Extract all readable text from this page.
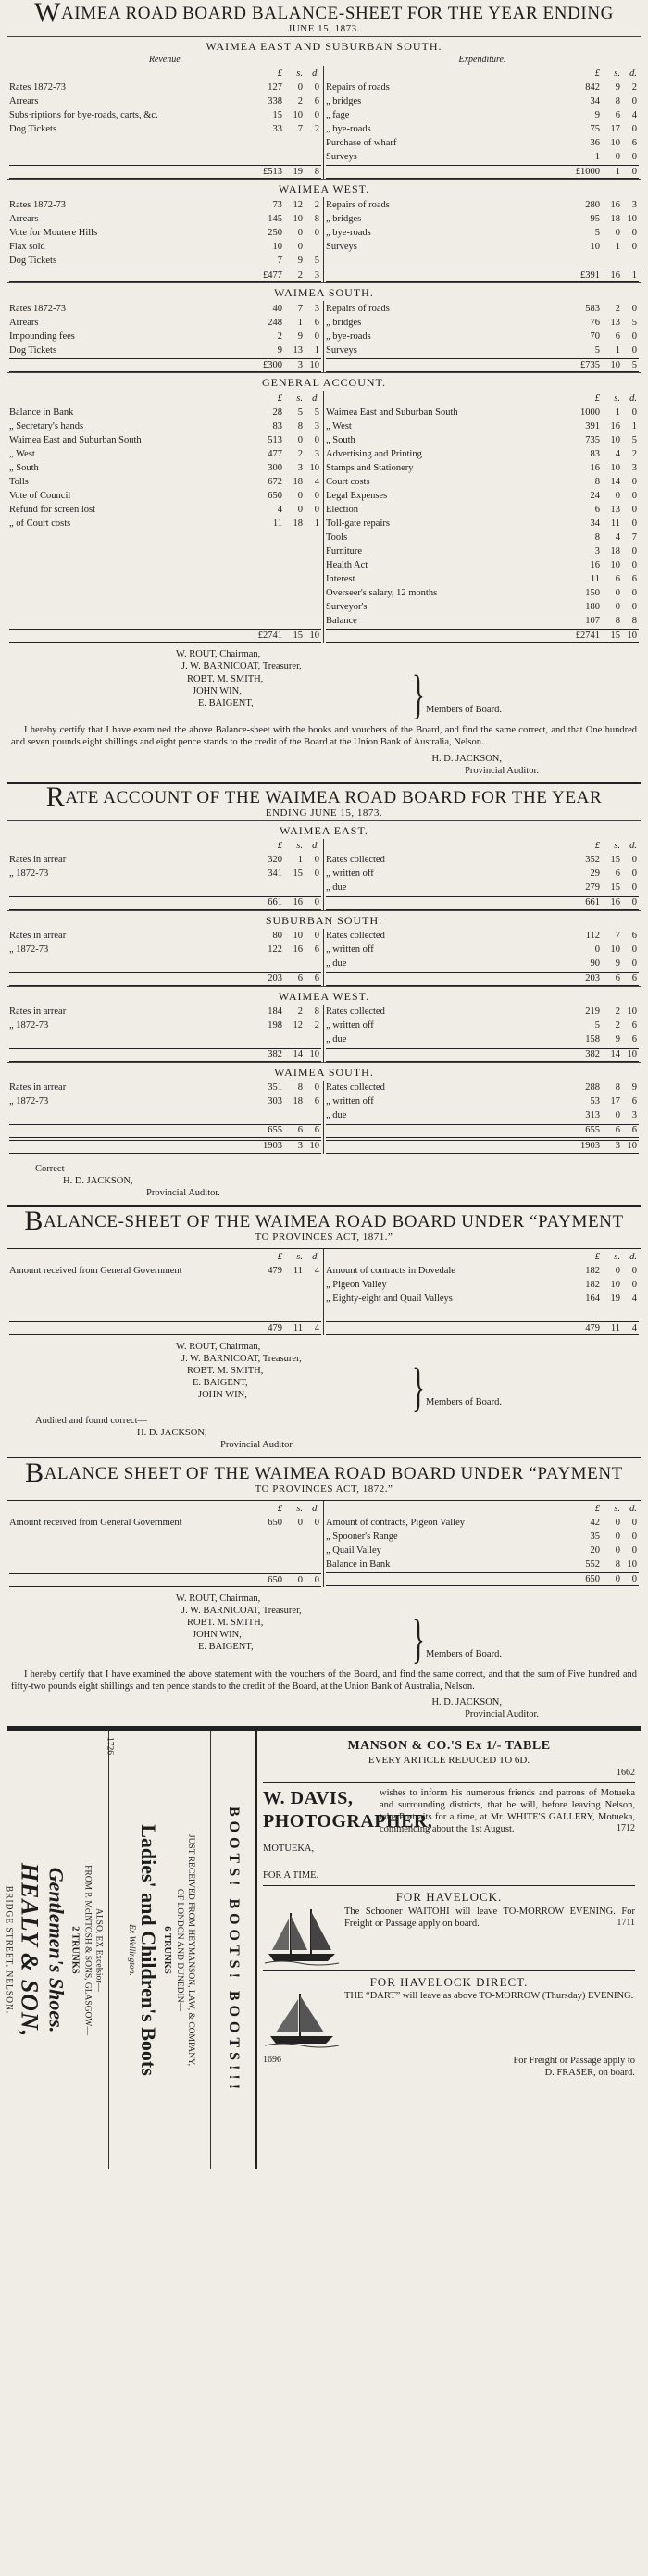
WAIMEA ROAD BOARD BALANCE-SHEET FOR THE YEAR ENDING
JUNE 15, 1873.
WAIMEA EAST AND SUBURBAN SOUTH.
Revenue.	Expenditure.
£	s. d.
Rates 1872-73	127	0	0
Arrears	338	2	6
Subs·riptions for bye-roads, carts, &c.	15	10	0
Dog Tickets	33	7	2
£513	19	8
£	s. d.
Repairs of roads	842	9	2
„ bridges	34	8	0
„ fage	9	6	4
„ bye-roads	75	17	0
Purchase of wharf	36	10	6
Surveys	1	0	0
£1000	1	0
WAIMEA WEST.
Rates 1872-73	73	12	2
Arrears	145	10	8
Vote for Moutere Hills	250	0	0
Flax sold	10	0
Dog Tickets	7	9	5
£477	2	3
Repairs of roads	280	16	3
„ bridges	95	18 10
„ bye-roads	5	0	0
Surveys	10	1	0
£391	16	1
WAIMEA SOUTH.
Rates 1872-73	40	7	3
Arrears	248	1	6
Impounding fees	2	9	0
Dog Tickets	9	13	1
£300	3 10
Repairs of roads	583	2	0
„ bridges	76	13	5
„ bye-roads	70	6	0
Surveys	5	1	0
£735	10	5
GENERAL ACCOUNT.
£	s. d.
Balance in Bank	28	5	5
„ Secretary's hands	83	8	3
Waimea East and Suburban South	513	0	0
„ West	477	2	3
„ South	300	3 10
Tolls	672	18	4
Vote of Council	650	0	0
Refund for screen lost	4	0	0
„ of Court costs	11	18	1
£2741	15 10
£	s. d.
Waimea East and Suburban South	1000	1	0
„ West	391	16	1
„ South	735	10	5
Advertising and Printing	83	4	2
Stamps and Stationery	16	10	3
Court costs	8	14	0
Legal Expenses	24	0	0
Election	6	13	0
Toll-gate repairs	34	11	0
Tools	8	4	7
Furniture	3	18	0
Health Act	16	10	0
Interest	11	6	6
Overseer's salary, 12 months	150	0	0
Surveyor's	180	0	0
Balance	107	8	8
£2741	15 10
W. ROUT, Chairman,
J. W. BARNICOAT, Treasurer,
ROBT. M. SMITH,
JOHN WIN,
E. BAIGENT,	}Members of Board.
I hereby certify that I have examined the above Balance-sheet with the books and vouchers of the Board, and find the same correct, and that One hundred and seven pounds eight shillings and eight pence stands to the credit of the Board at the Union Bank of Australia, Nelson.
H. D. JACKSON,
Provincial Auditor.
RATE ACCOUNT OF THE WAIMEA ROAD BOARD FOR THE YEAR
ENDING JUNE 15, 1873.
WAIMEA EAST.
£	s. d.
Rates in arrear	320	1	0
„ 1872-73	341	15	0
661	16	0
£	s. d.
Rates collected	352	15	0
„ written off	29	6	0
„ due	279	15	0
661	16	0
SUBURBAN SOUTH.
Rates in arrear	80	10	0
„ 1872-73	122	16	6
203	6	6
Rates collected	112	7	6
„ written off	0	10	0
„ due	90	9	0
203	6	6
WAIMEA WEST.
Rates in arrear	184	2	8
„ 1872-73	198	12	2
382	14 10
Rates collected	219	2 10
„ written off	5	2	6
„ due	158	9	6
382	14 10
WAIMEA SOUTH.
Rates in arrear	351	8	0
„ 1872-73	303	18	6
655	6	6
Rates collected	288	8	9
„ written off	53	17	6
„ due	313	0	3
655	6	6
1903	3 10	1903	3 10
Correct—
H. D. JACKSON,
Provincial Auditor.
BALANCE-SHEET OF THE WAIMEA ROAD BOARD UNDER “PAYMENT
TO PROVINCES ACT, 1871.”
£	s. d.
Amount received from General Government	479	11	4
479	11	4
£	s. d.
Amount of contracts in Dovedale	182	0	0
„ Pigeon Valley	182	10	0
„ Eighty-eight and Quail Valleys	164	19	4
479	11	4
W. ROUT, Chairman,
J. W. BARNICOAT, Treasurer,
ROBT. M. SMITH,
E. BAIGENT,
JOHN WIN,	}Members of Board.
Audited and found correct—
H. D. JACKSON,
Provincial Auditor.
BALANCE SHEET OF THE WAIMEA ROAD BOARD UNDER “PAYMENT
TO PROVINCES ACT, 1872.”
£	s. d.
Amount received from General Government	650	0	0
650	0	0
£	s. d.
Amount of contracts, Pigeon Valley	42	0	0
„ Spooner's Range	35	0	0
„ Quail Valley	20	0	0
Balance in Bank	552	8 10
650	0	0
W. ROUT, Chairman,
J. W. BARNICOAT, Treasurer,
ROBT. M. SMITH,
JOHN WIN,
E. BAIGENT,	}Members of Board.
I hereby certify that I have examined the above statement with the vouchers of the Board, and find the same correct, and that the sum of Five hundred and fifty-two pounds eight shillings and ten pence stands to the credit of the Board, at the Union Bank of Australia, Nelson.
H. D. JACKSON,
Provincial Auditor.
1726
ALSO, EX Excelsior—
FROM P. McINTOSH & SONS, GLASGOW—
2 TRUNKS
Gentlemen's Shoes.
HEALY & SON,
BRIDGE STREET, NELSON.	JUST RECEIVED FROM HEYMANSON, LAW, & COMPANY,
OF LONDON AND DUNEDIN—
6 TRUNKS
Ladies' and Children's Boots
Ex Wellington.	BOOTS! BOOTS! BOOTS!!!
MANSON & CO.'S Ex 1/- TABLE
EVERY ARTICLE REDUCED TO 6D.
1662
W. DAVIS, PHOTOGRAPHER,
MOTUEKA,
FOR A TIME.
wishes to inform his numerous friends and patrons of Motueka and surrounding districts, that he will, before leaving Nelson, take Portraits for a time, at Mr. WHITE'S GALLERY, Motueka, commencing about the 1st August.	1712
FOR HAVELOCK.
The Schooner WAITOHI will leave TO-MORROW EVENING. For Freight or Passage apply on board.	1711
FOR HAVELOCK DIRECT.
THE “DART” will leave as above TO-MORROW (Thursday) EVENING.
1696	For Freight or Passage apply to
D. FRASER, on board.
